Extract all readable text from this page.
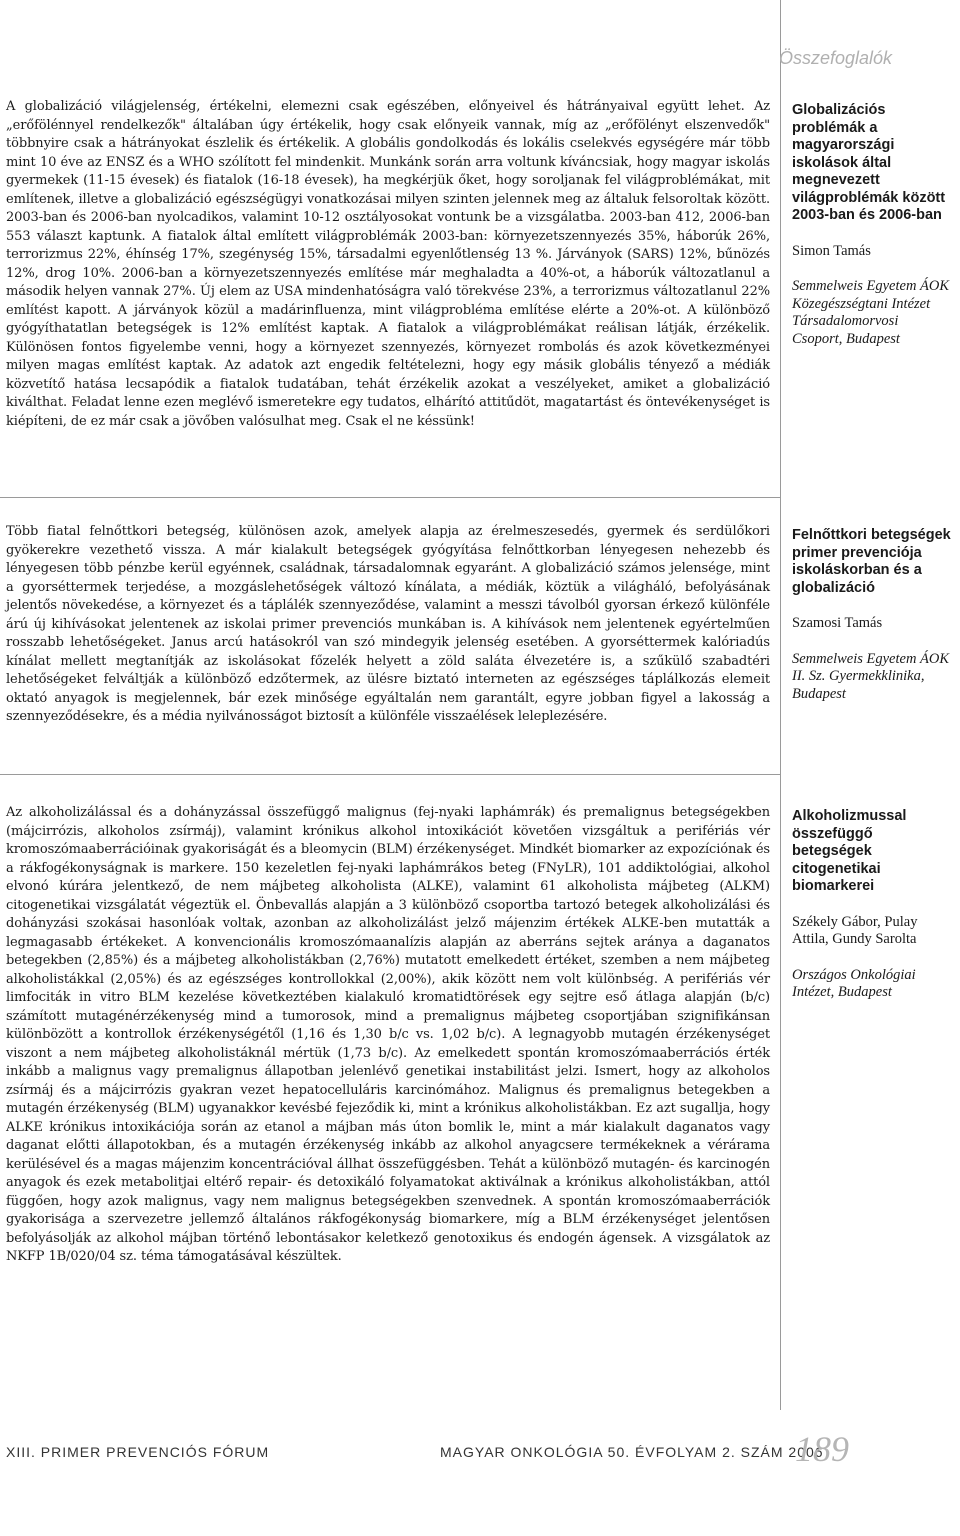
Összefoglalók

A globalizáció világjelenség, értékelni, elemezni csak egészében, előnyeivel és hátrányaival együtt lehet. Az „erőfölénnyel rendelkezők" általában úgy értékelik, hogy csak előnyeik vannak, míg az „erőfölényt elszenvedők" többnyire csak a hátrányokat észlelik és értékelik. A globális gondolkodás és lokális cselekvés egységére már több mint 10 éve az ENSZ és a WHO szólított fel mindenkit. Munkánk során arra voltunk kíváncsiak, hogy magyar iskolás gyermekek (11-15 évesek) és fiatalok (16-18 évesek), ha megkérjük őket, hogy soroljanak fel világproblémákat, mit említenek, illetve a globalizáció egészségügyi vonatkozásai milyen szinten jelennek meg az általuk felsoroltak között. 2003-ban és 2006-ban nyolcadikos, valamint 10-12 osztályosokat vontunk be a vizsgálatba. 2003-ban 412, 2006-ban 553 választ kaptunk. A fiatalok által említett világproblémák 2003-ban: környezetszennyezés 35%, háborúk 26%, terrorizmus 22%, éhínség 17%, szegénység 15%, társadalmi egyenlőtlenség 13 %. Járványok (SARS) 12%, bűnözés 12%, drog 10%. 2006-ban a környezetszennyezés említése már meghaladta a 40%-ot, a háborúk változatlanul a második helyen vannak 27%. Új elem az USA mindenhatóságra való törekvése 23%, a terrorizmus változatlanul 22% említést kapott. A járványok közül a madárinfluenza, mint világprobléma említése elérte a 20%-ot. A különböző gyógyíthatatlan betegségek is 12% említést kaptak. A fiatalok a világproblémákat reálisan látják, érzékelik. Különösen fontos figyelembe venni, hogy a környezet szennyezés, környezet rombolás és azok következményei milyen magas említést kaptak. Az adatok azt engedik feltételezni, hogy egy másik globális tényező a médiák közvetítő hatása lecsapódik a fiatalok tudatában, tehát érzékelik azokat a veszélyeket, amiket a globalizáció kiválthat. Feladat lenne ezen meglévő ismeretekre egy tudatos, elhárító attitűdöt, magatartást és öntevékenységet is kiépíteni, de ez már csak a jövőben valósulhat meg. Csak el ne késsünk!

Globalizációs problémák a magyarországi iskolások által megnevezett világproblémák között 2003-ban és 2006-ban

Simon Tamás

Semmelweis Egyetem ÁOK Közegészségtani Intézet Társadalomorvosi Csoport, Budapest

Több fiatal felnőttkori betegség, különösen azok, amelyek alapja az érelmeszesedés, gyermek és serdülőkori gyökerekre vezethető vissza. A már kialakult betegségek gyógyítása felnőttkorban lényegesen nehezebb és lényegesen több pénzbe kerül egyénnek, családnak, társadalomnak egyaránt. A globalizáció számos jelensége, mint a gyorséttermek terjedése, a mozgáslehetőségek változó kínálata, a médiák, köztük a világháló, befolyásának jelentős növekedése, a környezet és a táplálék szennyeződése, valamint a messzi távolból gyorsan érkező különféle árú új kihívásokat jelentenek az iskolai primer prevenciós munkában is. A kihívások nem jelentenek egyértelműen rosszabb lehetőségeket. Janus arcú hatásokról van szó mindegyik jelenség esetében. A gyorséttermek kalóriadús kínálat mellett megtanítják az iskolásokat főzelék helyett a zöld saláta élvezetére is, a szűkülő szabadtéri lehetőségeket felváltják a különböző edzőtermek, az ülésre biztató interneten az egészséges táplálkozás elemeit oktató anyagok is megjelennek, bár ezek minősége egyáltalán nem garantált, egyre jobban figyel a lakosság a szennyeződésekre, és a média nyilvánosságot biztosít a különféle visszaélések leleplezésére.

Felnőttkori betegségek primer prevenciója iskoláskorban és a globalizáció

Szamosi Tamás

Semmelweis Egyetem ÁOK II. Sz. Gyermekklinika, Budapest

Az alkoholizálással és a dohányzással összefüggő malignus (fej-nyaki laphámrák) és premalignus betegségekben (májcirrózis, alkoholos zsírmáj), valamint krónikus alkohol intoxikációt követően vizsgáltuk a perifériás vér kromoszómaaberrációinak gyakoriságát és a bleomycin (BLM) érzékenységet. Mindkét biomarker az expozíciónak és a rákfogékonyságnak is markere. 150 kezeletlen fej-nyaki laphámrákos beteg (FNyLR), 101 addiktológiai, alkohol elvonó kúrára jelentkező, de nem májbeteg alkoholista (ALKE), valamint 61 alkoholista májbeteg (ALKM) citogenetikai vizsgálatát végeztük el. Önbevallás alapján a 3 különböző csoportba tartozó betegek alkoholizálási és dohányzási szokásai hasonlóak voltak, azonban az alkoholizálást jelző májenzim értékek ALKE-ben mutatták a legmagasabb értékeket. A konvencionális kromoszómaanalízis alapján az aberráns sejtek aránya a daganatos betegekben (2,85%) és a májbeteg alkoholistákban (2,76%) mutatott emelkedett értéket, szemben a nem májbeteg alkoholistákkal (2,05%) és az egészséges kontrollokkal (2,00%), akik között nem volt különbség. A perifériás vér limfociták in vitro BLM kezelése következtében kialakuló kromatidtörések egy sejtre eső átlaga alapján (b/c) számított mutagénérzékenység mind a tumorosok, mind a premalignus májbeteg csoportjában szignifikánsan különbözött a kontrollok érzékenységétől (1,16 és 1,30 b/c vs. 1,02 b/c). A legnagyobb mutagén érzékenységet viszont a nem májbeteg alkoholistáknál mértük (1,73 b/c). Az emelkedett spontán kromoszómaaberrációs érték inkább a malignus vagy premalignus állapotban jelenlévő genetikai instabilitást jelzi. Ismert, hogy az alkoholos zsírmáj és a májcirrózis gyakran vezet hepatocelluláris karcinómához. Malignus és premalignus betegekben a mutagén érzékenység (BLM) ugyanakkor kevésbé fejeződik ki, mint a krónikus alkoholistákban. Ez azt sugallja, hogy ALKE krónikus intoxikációja során az etanol a májban más úton bomlik le, mint a már kialakult daganatos vagy daganat előtti állapotokban, és a mutagén érzékenység inkább az alkohol anyagcsere termékeknek a vérárama kerülésével és a magas májenzim koncentrációval állhat összefüggésben. Tehát a különböző mutagén- és karcinogén anyagok és ezek metabolitjai eltérő repair- és detoxikáló folyamatokat aktiválnak a krónikus alkoholistákban, attól függően, hogy azok malignus, vagy nem malignus betegségekben szenvednek. A spontán kromoszómaaberrációk gyakorisága a szervezetre jellemző általános rákfogékonyság biomarkere, míg a BLM érzékenységet jelentősen befolyásolják az alkohol májban történő lebontásakor keletkező genotoxikus és endogén ágensek. A vizsgálatok az NKFP 1B/020/04 sz. téma támogatásával készültek.

Alkoholizmussal összefüggő betegségek citogenetikai biomarkerei

Székely Gábor, Pulay Attila, Gundy Sarolta

Országos Onkológiai Intézet, Budapest

XIII. PRIMER PREVENCIÓS FÓRUM	MAGYAR ONKOLÓGIA 50. ÉVFOLYAM 2. SZÁM 2006
189
